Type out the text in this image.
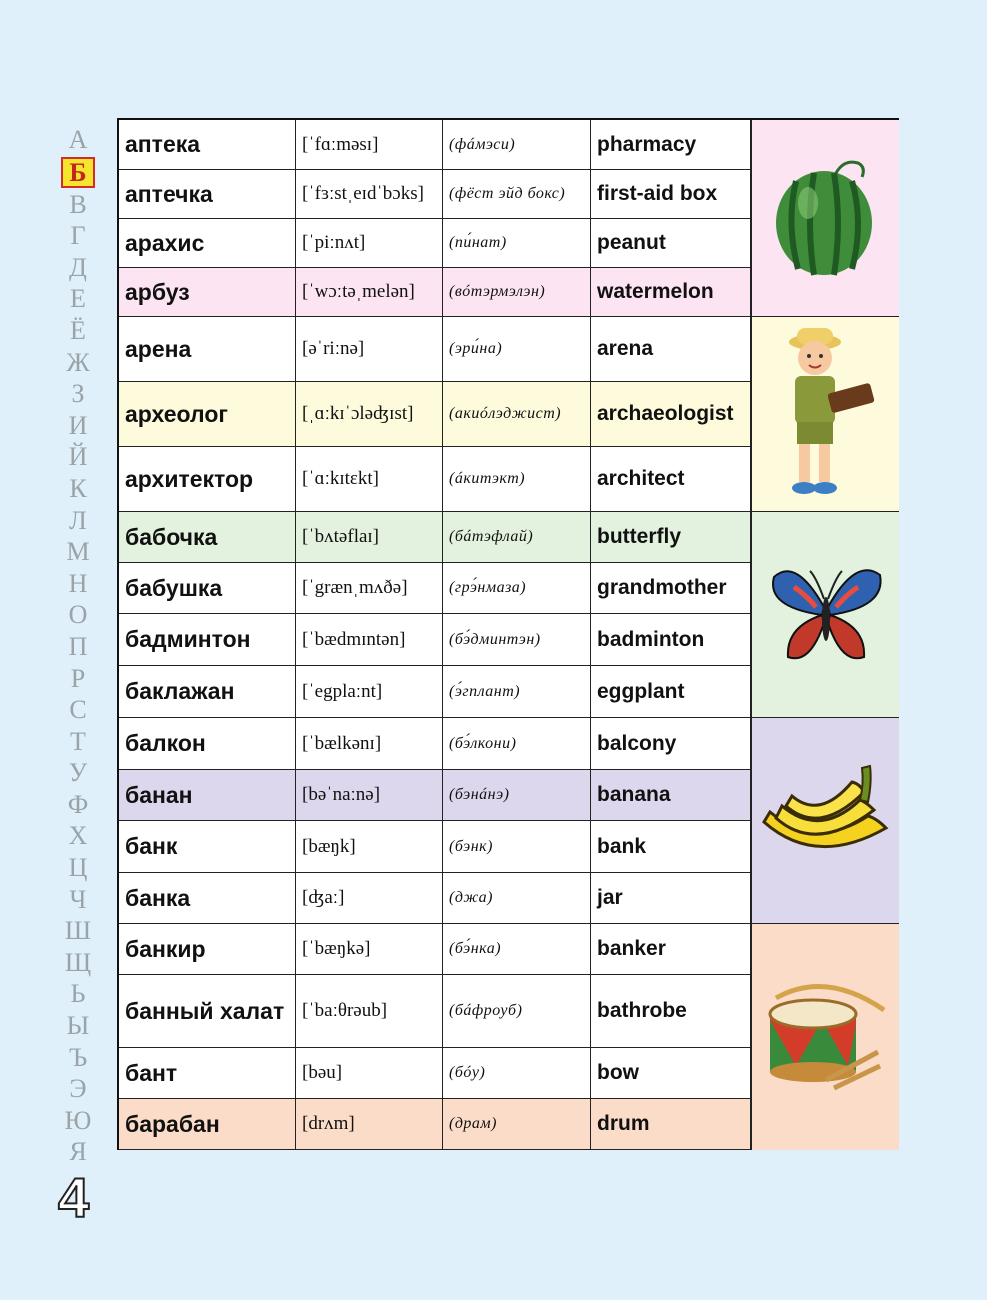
А
Б
В
Г
Д
Е
Ё
Ж
З
И
Й
К
Л
М
Н
О
П
Р
С
Т
У
Ф
Х
Ц
Ч
Ш
Щ
Ь
Ы
Ъ
Э
Ю
Я
аптека	[ˈfɑːməsɪ]	(фáмэси)	pharmacy
аптечка	[ˈfɜːstˌeɪdˈbɔks]	(фёст эйд бокс)	first-aid box
арахис	[ˈpiːnʌt]	(пи́нат)	peanut
арбуз	[ˈwɔːtəˌmelən]	(вóтэрмэлэн)	watermelon
арена	[əˈriːnə]	(эри́на)	arena
археолог	[ˌɑːkɪˈɔləʤɪst]	(акиóлэджист)	archaeologist
архитектор	[ˈɑːkɪtɛkt]	(áкитэкт)	architect
бабочка	[ˈbʌtəflaɪ]	(бáтэфлай)	butterfly
бабушка	[ˈgrænˌmʌðə]	(грэ́нмаза)	grandmother
бадминтон	[ˈbædmɪntən]	(бэ́дминтэн)	badminton
баклажан	[ˈegplaːnt]	(э́гплант)	eggplant
балкон	[ˈbælkənɪ]	(бэ́лкони)	balcony
банан	[bəˈnaːnə]	(бэнáнэ)	banana
банк	[bæŋk]	(бэнк)	bank
банка	[ʤaː]	(джа)	jar
банкир	[ˈbæŋkə]	(бэ́нка)	banker
банный халат [ˈbaːθrəub]	(бáфроуб)	bathrobe
бант	[bəu]	(бóу)	bow
барабан	[drʌm]	(драм)	drum
4
